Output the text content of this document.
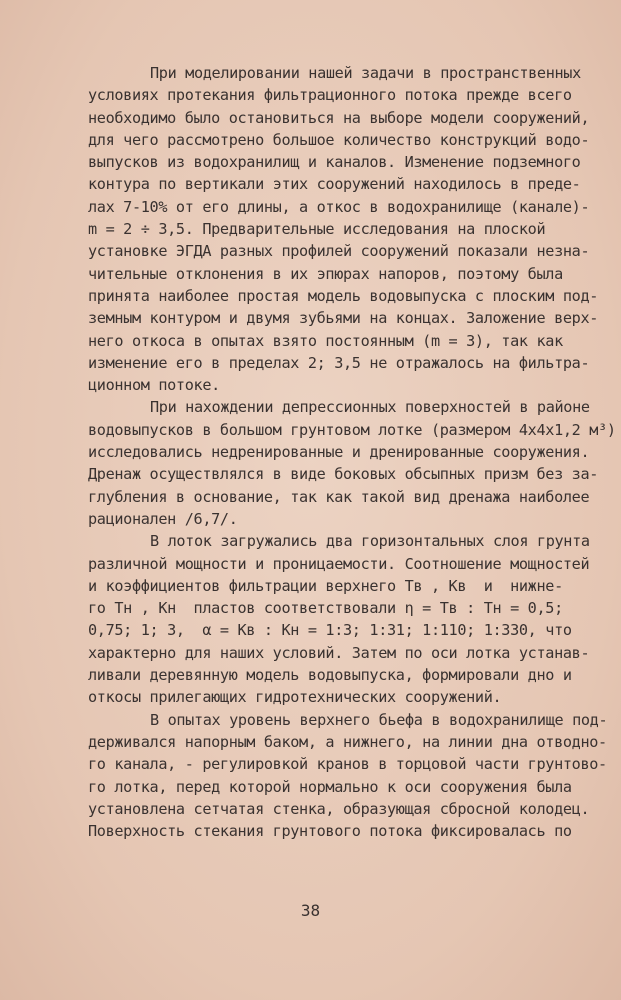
При моделировании нашей задачи в пространственных
условиях протекания фильтрационного потока прежде всего
необходимо было остановиться на выборе модели сооружений,
для чего рассмотрено большое количество конструкций водо-
выпусков из водохранилищ и каналов. Изменение подземного
контура по вертикали этих сооружений находилось в преде-
лах 7-10% от его длины, а откос в водохранилище (канале)-
m = 2 ÷ 3,5. Предварительные исследования на плоской
установке ЭГДА разных профилей сооружений показали незна-
чительные отклонения в их эпюрах напоров, поэтому была
принята наиболее простая модель водовыпуска с плоским под-
земным контуром и двумя зубьями на концах. Заложение верх-
него откоса в опытах взято постоянным (m = 3), так как
изменение его в пределах 2; 3,5 не отражалось на фильтра-
ционном потоке.
При нахождении депрессионных поверхностей в районе
водовыпусков в большом грунтовом лотке (размером 4х4х1,2 м³)
исследовались недренированные и дренированные сооружения.
Дренаж осуществлялся в виде боковых обсыпных призм без за-
глубления в основание, так как такой вид дренажа наиболее
рационален /6,7/.
В лоток загружались два горизонтальных слоя грунта
различной мощности и проницаемости. Соотношение мощностей
и коэффициентов фильтрации верхнего Tв , Kв  и  нижне-
го Tн , Kн  пластов соответствовали η = Tв : Tн = 0,5;
0,75; 1; 3,  α = Kв : Kн = 1:3; 1:31; 1:110; 1:330, что
характерно для наших условий. Затем по оси лотка устанав-
ливали деревянную модель водовыпуска, формировали дно и
откосы прилегающих гидротехнических сооружений.
В опытах уровень верхнего бьефа в водохранилище под-
держивался напорным баком, а нижнего, на линии дна отводно-
го канала, - регулировкой кранов в торцовой части грунтово-
го лотка, перед которой нормально к оси сооружения была
установлена сетчатая стенка, образующая сбросной колодец.
Поверхность стекания грунтового потока фиксировалась по
38
